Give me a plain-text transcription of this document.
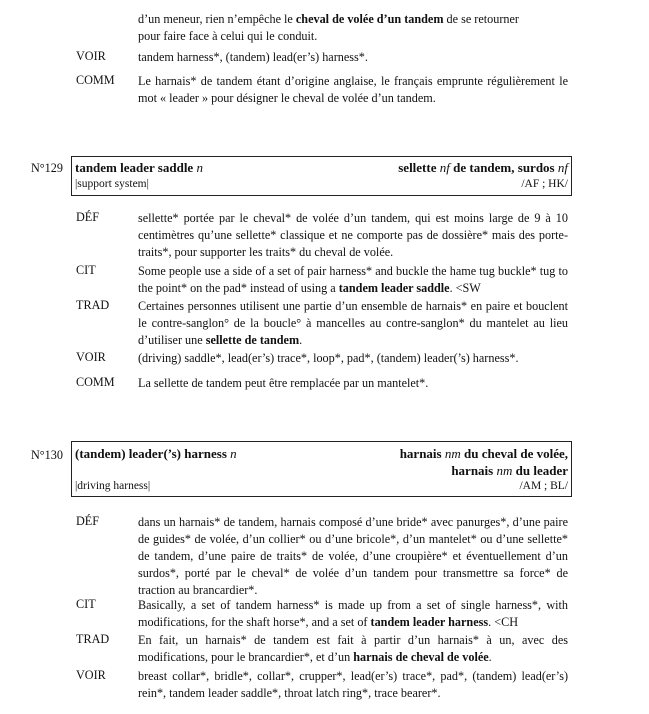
d’un meneur, rien n’empêche le cheval de volée d’un tandem de se retourner
pour faire face à celui qui le conduit.
VOIR	tandem harness*, (tandem) lead(er’s) harness*.
COMM Le harnais* de tandem étant d’origine anglaise, le français emprunte régulièrement le mot « leader » pour désigner le cheval de volée d’un tandem.
N°129 tandem leader saddle n	sellette nf de tandem, surdos nf
|support system|	/AF ; HK/
DÉF	sellette* portée par le cheval* de volée d’un tandem, qui est moins large de 9 à 10 centimètres qu’une sellette* classique et ne comporte pas de dossière* mais des porte-traits*, pour supporter les traits* du cheval de volée.
CIT	Some people use a side of a set of pair harness* and buckle the hame tug buckle* tug to the point* on the pad* instead of using a tandem leader saddle. <SW
TRAD Certaines personnes utilisent une partie d’un ensemble de harnais* en paire et bouclent le contre-sanglon° de la boucle° à mancelles au contre-sanglon* du mantelet au lieu d’utiliser une sellette de tandem.
VOIR	(driving) saddle*, lead(er’s) trace*, loop*, pad*, (tandem) leader(’s) harness*.
COMM La sellette de tandem peut être remplacée par un mantelet*.
N°130 (tandem) leader(’s) harness n	harnais nm du cheval de volée,
harnais nm du leader
|driving harness|	/AM ; BL/
DÉF	dans un harnais* de tandem, harnais composé d’une bride* avec panurges*, d’une paire de guides* de volée, d’un collier* ou d’une bricole*, d’un mantelet* ou d’une sellette* de tandem, d’une paire de traits* de volée, d’une croupière* et éventuellement d’un surdos*, porté par le cheval* de volée d’un tandem pour transmettre sa force* de traction au brancardier*.
CIT	Basically, a set of tandem harness* is made up from a set of single harness*, with modifications, for the shaft horse*, and a set of tandem leader harness. <CH
TRAD En fait, un harnais* de tandem est fait à partir d’un harnais* à un, avec des modifications, pour le brancardier*, et d’un harnais de cheval de volée.
VOIR	breast collar*, bridle*, collar*, crupper*, lead(er’s) trace*, pad*, (tandem) lead(er’s) rein*, tandem leader saddle*, throat latch ring*, trace bearer*.
